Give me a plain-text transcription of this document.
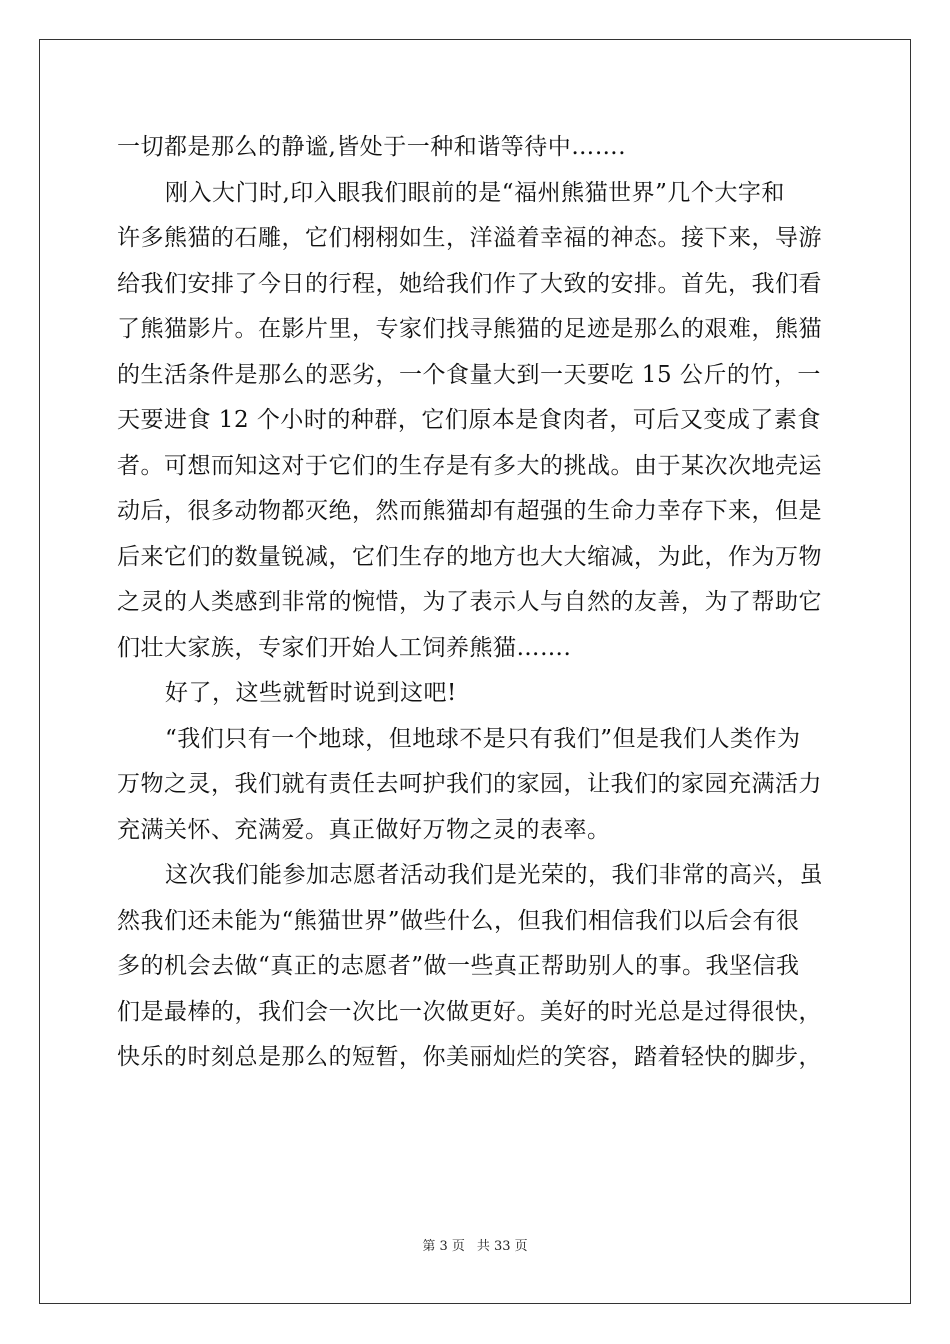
一切都是那么的静谧,皆处于一种和谐等待中…….
刚入大门时,印入眼我们眼前的是“福州熊猫世界”几个大字和
许多熊猫的石雕，它们栩栩如生，洋溢着幸福的神态。接下来，导游
给我们安排了今日的行程，她给我们作了大致的安排。首先，我们看
了熊猫影片。在影片里，专家们找寻熊猫的足迹是那么的艰难，熊猫
的生活条件是那么的恶劣，一个食量大到一天要吃 15 公斤的竹，一
天要进食 12 个小时的种群，它们原本是食肉者，可后又变成了素食
者。可想而知这对于它们的生存是有多大的挑战。由于某次次地壳运
动后，很多动物都灭绝，然而熊猫却有超强的生命力幸存下来，但是
后来它们的数量锐减，它们生存的地方也大大缩减，为此，作为万物
之灵的人类感到非常的惋惜，为了表示人与自然的友善，为了帮助它
们壮大家族，专家们开始人工饲养熊猫…….
好了，这些就暂时说到这吧!
“我们只有一个地球，但地球不是只有我们”但是我们人类作为
万物之灵，我们就有责任去呵护我们的家园，让我们的家园充满活力
充满关怀、充满爱。真正做好万物之灵的表率。
这次我们能参加志愿者活动我们是光荣的，我们非常的高兴，虽
然我们还未能为“熊猫世界”做些什么，但我们相信我们以后会有很
多的机会去做“真正的志愿者”做一些真正帮助别人的事。我坚信我
们是最棒的，我们会一次比一次做更好。美好的时光总是过得很快，
快乐的时刻总是那么的短暂，你美丽灿烂的笑容，踏着轻快的脚步，
第 3 页 共 33 页
